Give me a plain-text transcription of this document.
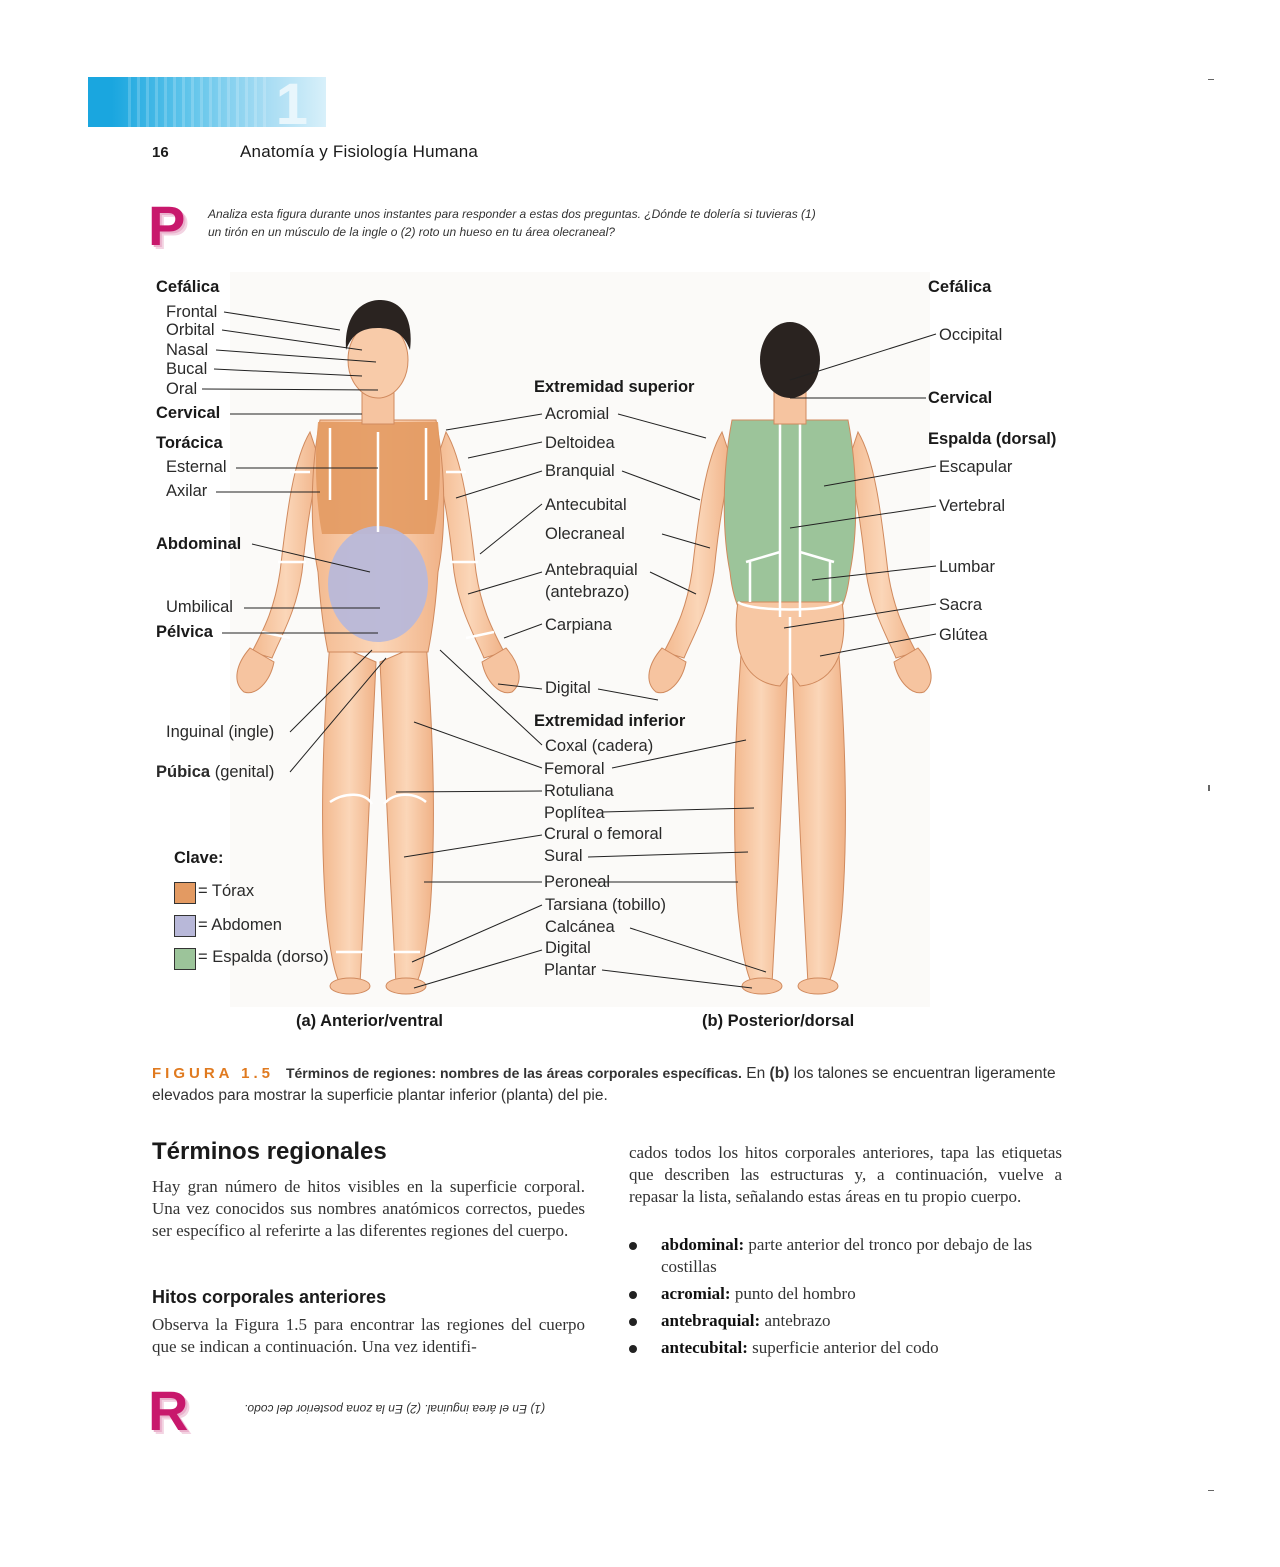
1
16	Anatomía y Fisiología Humana
P Analiza esta figura durante unos instantes para responder a estas dos preguntas. ¿Dónde te dolería si tuvieras (1) un tirón en un músculo de la ingle o (2) roto un hueso en tu área olecraneal?
Cefálica
Frontal
Orbital
Nasal
Bucal
Oral
Cervical
Torácica
Esternal
Axilar
Abdominal
Umbilical
Pélvica
Inguinal (ingle)
Púbica (genital)
Clave:
= Tórax
= Abdomen
= Espalda (dorso)
Extremidad superior
Acromial
Deltoidea
Branquial
Antecubital
Olecraneal
Antebraquial
(antebrazo)
Carpiana
Digital
Extremidad inferior
Coxal (cadera)
Femoral
Rotuliana
Poplítea
Crural o femoral
Sural
Peroneal
Tarsiana (tobillo)
Calcánea
Digital
Plantar
Cefálica
Occipital
Cervical
Espalda (dorsal)
Escapular
Vertebral
Lumbar
Sacra
Glútea
(a) Anterior/ventral	(b) Posterior/dorsal
FIGURA 1.5 Términos de regiones: nombres de las áreas corporales específicas. En (b) los talones se encuentran ligeramente elevados para mostrar la superficie plantar inferior (planta) del pie.
Términos regionales
Hay gran número de hitos visibles en la superficie corporal. Una vez conocidos sus nombres anatómicos correctos, puedes ser específico al referirte a las diferentes regiones del cuerpo.
Hitos corporales anteriores
Observa la Figura 1.5 para encontrar las regiones del cuerpo que se indican a continuación. Una vez identifi-
cados todos los hitos corporales anteriores, tapa las etiquetas que describen las estructuras y, a continuación, vuelve a repasar la lista, señalando estas áreas en tu propio cuerpo.
abdominal: parte anterior del tronco por debajo de las costillas
acromial: punto del hombro
antebraquial: antebrazo
antecubital: superficie anterior del codo
R	(1) En el área inguinal. (2) En la zona posterior del codo.
